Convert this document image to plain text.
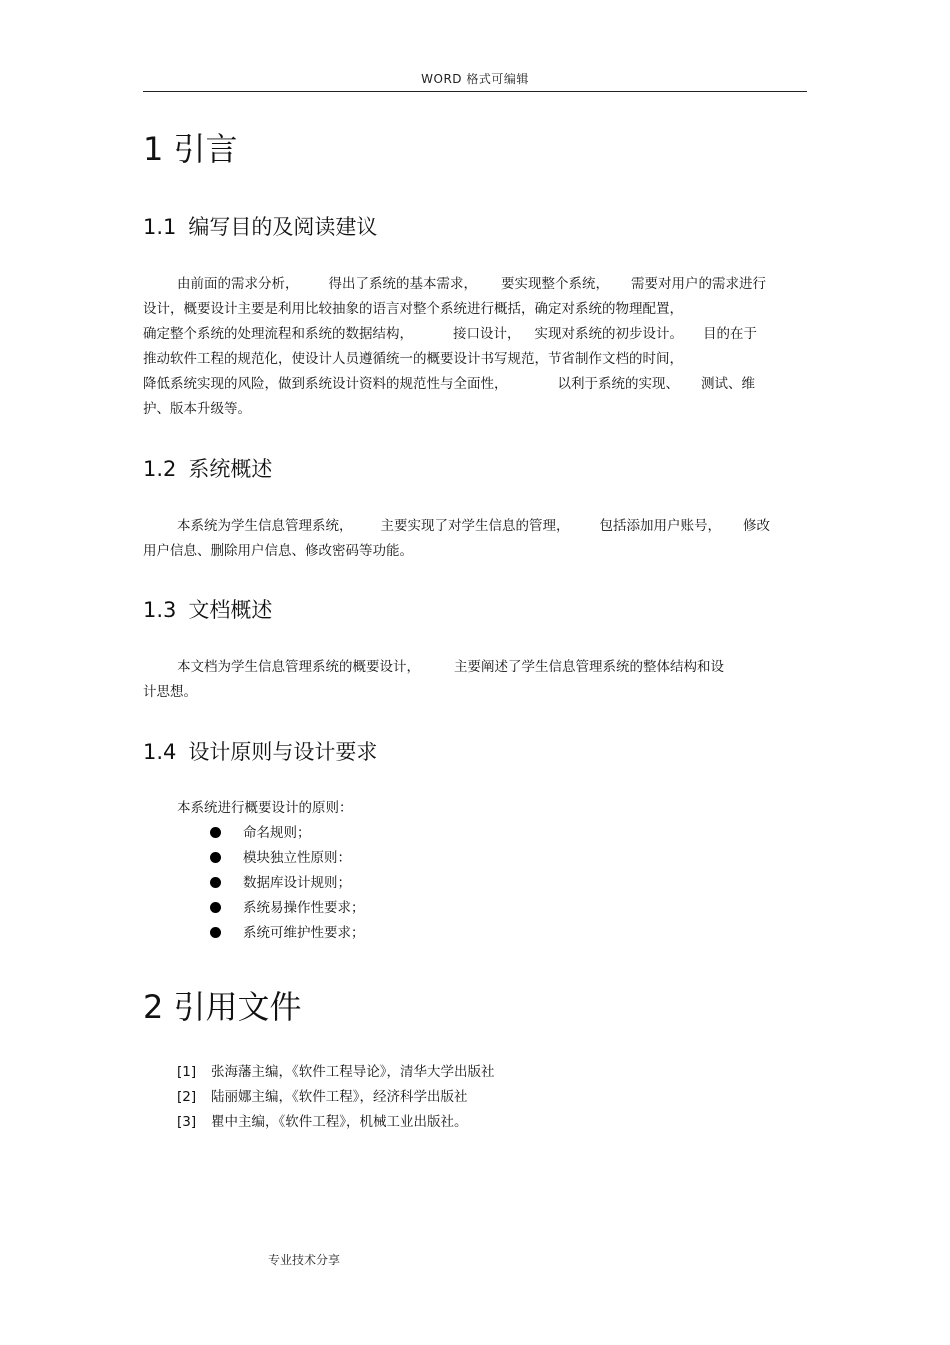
WORD 格式可编辑
1 引言
1.1 编写目的及阅读建议
由前面的需求分析， 得出了系统的基本需求， 要实现整个系统， 需要对用户的需求进行
设计，概要设计主要是利用比较抽象的语言对整个系统进行概括，确定对系统的物理配置，
确定整个系统的处理流程和系统的数据结构，	接口设计， 实现对系统的初步设计。 目的在于
推动软件工程的规范化，使设计人员遵循统一的概要设计书写规范，节省制作文档的时间，
降低系统实现的风险，做到系统设计资料的规范性与全面性，	以利于系统的实现、 测试、维
护、版本升级等。
1.2 系统概述
本系统为学生信息管理系统， 主要实现了对学生信息的管理， 包括添加用户账号， 修改
用户信息、删除用户信息、修改密码等功能。
1.3 文档概述
本文档为学生信息管理系统的概要设计，	主要阐述了学生信息管理系统的整体结构和设
计思想。
1.4 设计原则与设计要求
本系统进行概要设计的原则：
命名规则；
模块独立性原则：
数据库设计规则；
系统易操作性要求；
系统可维护性要求；
2 引用文件
[1] 张海藩主编，《软件工程导论》，清华大学出版社
[2] 陆丽娜主编，《软件工程》，经济科学出版社
[3] 瞿中主编，《软件工程》，机械工业出版社。
专业技术分享
